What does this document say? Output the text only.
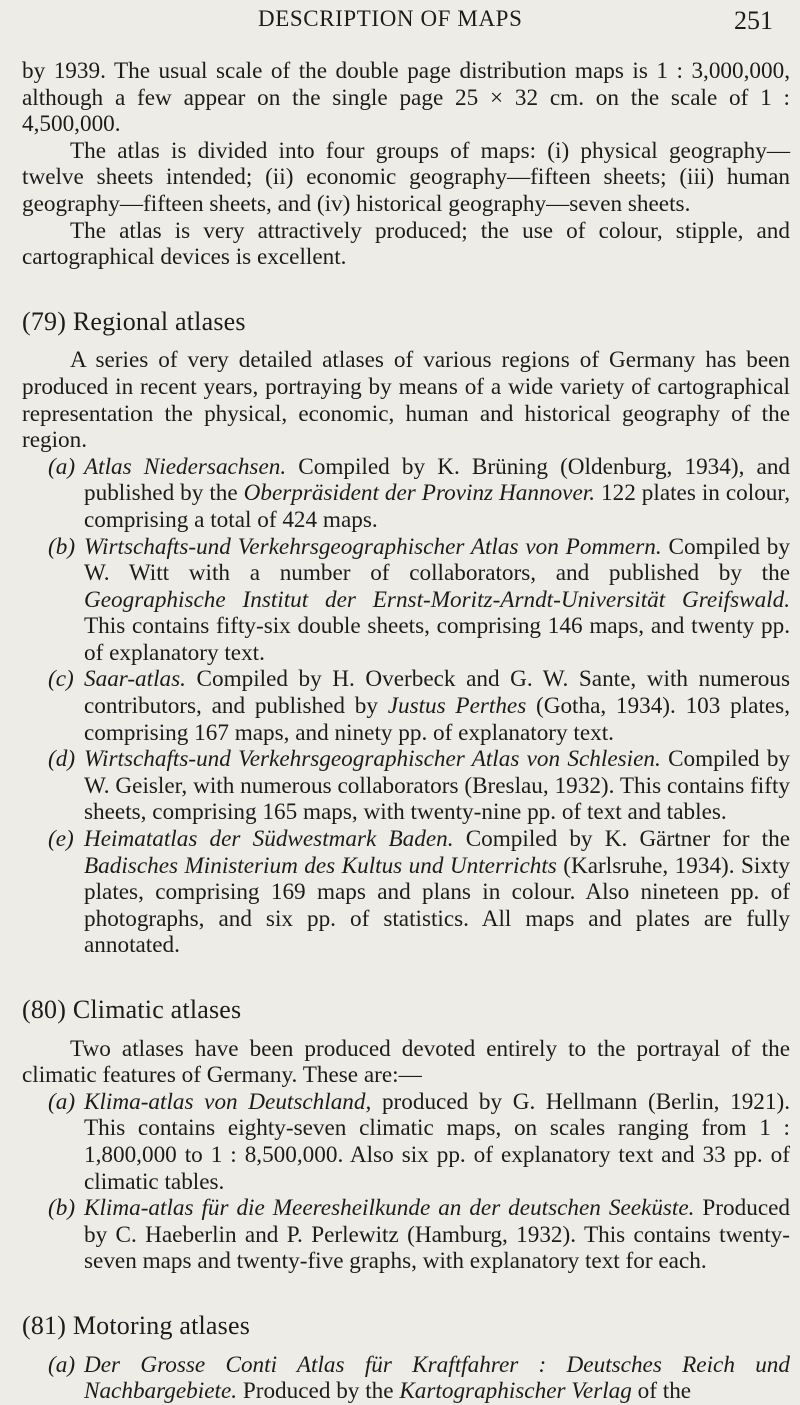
DESCRIPTION OF MAPS	251

by 1939. The usual scale of the double page distribution maps is 1 : 3,000,000, although a few appear on the single page 25 × 32 cm. on the scale of 1 : 4,500,000.

The atlas is divided into four groups of maps: (i) physical geography—twelve sheets intended; (ii) economic geography—fifteen sheets; (iii) human geography—fifteen sheets, and (iv) historical geography—seven sheets.

The atlas is very attractively produced; the use of colour, stipple, and cartographical devices is excellent.

(79) Regional atlases

A series of very detailed atlases of various regions of Germany has been produced in recent years, portraying by means of a wide variety of cartographical representation the physical, economic, human and historical geography of the region.

(a) Atlas Niedersachsen. Compiled by K. Brüning (Oldenburg, 1934), and published by the Oberpräsident der Provinz Hannover. 122 plates in colour, comprising a total of 424 maps.
(b) Wirtschafts-und Verkehrsgeographischer Atlas von Pommern. Compiled by W. Witt with a number of collaborators, and published by the Geographische Institut der Ernst-Moritz-Arndt-Universität Greifswald. This contains fifty-six double sheets, comprising 146 maps, and twenty pp. of explanatory text.
(c) Saar-atlas. Compiled by H. Overbeck and G. W. Sante, with numerous contributors, and published by Justus Perthes (Gotha, 1934). 103 plates, comprising 167 maps, and ninety pp. of explanatory text.
(d) Wirtschafts-und Verkehrsgeographischer Atlas von Schlesien. Compiled by W. Geisler, with numerous collaborators (Breslau, 1932). This contains fifty sheets, comprising 165 maps, with twenty-nine pp. of text and tables.
(e) Heimatatlas der Südwestmark Baden. Compiled by K. Gärtner for the Badisches Ministerium des Kultus und Unterrichts (Karlsruhe, 1934). Sixty plates, comprising 169 maps and plans in colour. Also nineteen pp. of photographs, and six pp. of statistics. All maps and plates are fully annotated.
(80) Climatic atlases

Two atlases have been produced devoted entirely to the portrayal of the climatic features of Germany. These are:—

(a) Klima-atlas von Deutschland, produced by G. Hellmann (Berlin, 1921). This contains eighty-seven climatic maps, on scales ranging from 1 : 1,800,000 to 1 : 8,500,000. Also six pp. of explanatory text and 33 pp. of climatic tables.
(b) Klima-atlas für die Meeresheilkunde an der deutschen Seeküste. Produced by C. Haeberlin and P. Perlewitz (Hamburg, 1932). This contains twenty-seven maps and twenty-five graphs, with explanatory text for each.
(81) Motoring atlases
(a) Der Grosse Conti Atlas für Kraftfahrer : Deutsches Reich und Nachbargebiete. Produced by the Kartographischer Verlag of the
